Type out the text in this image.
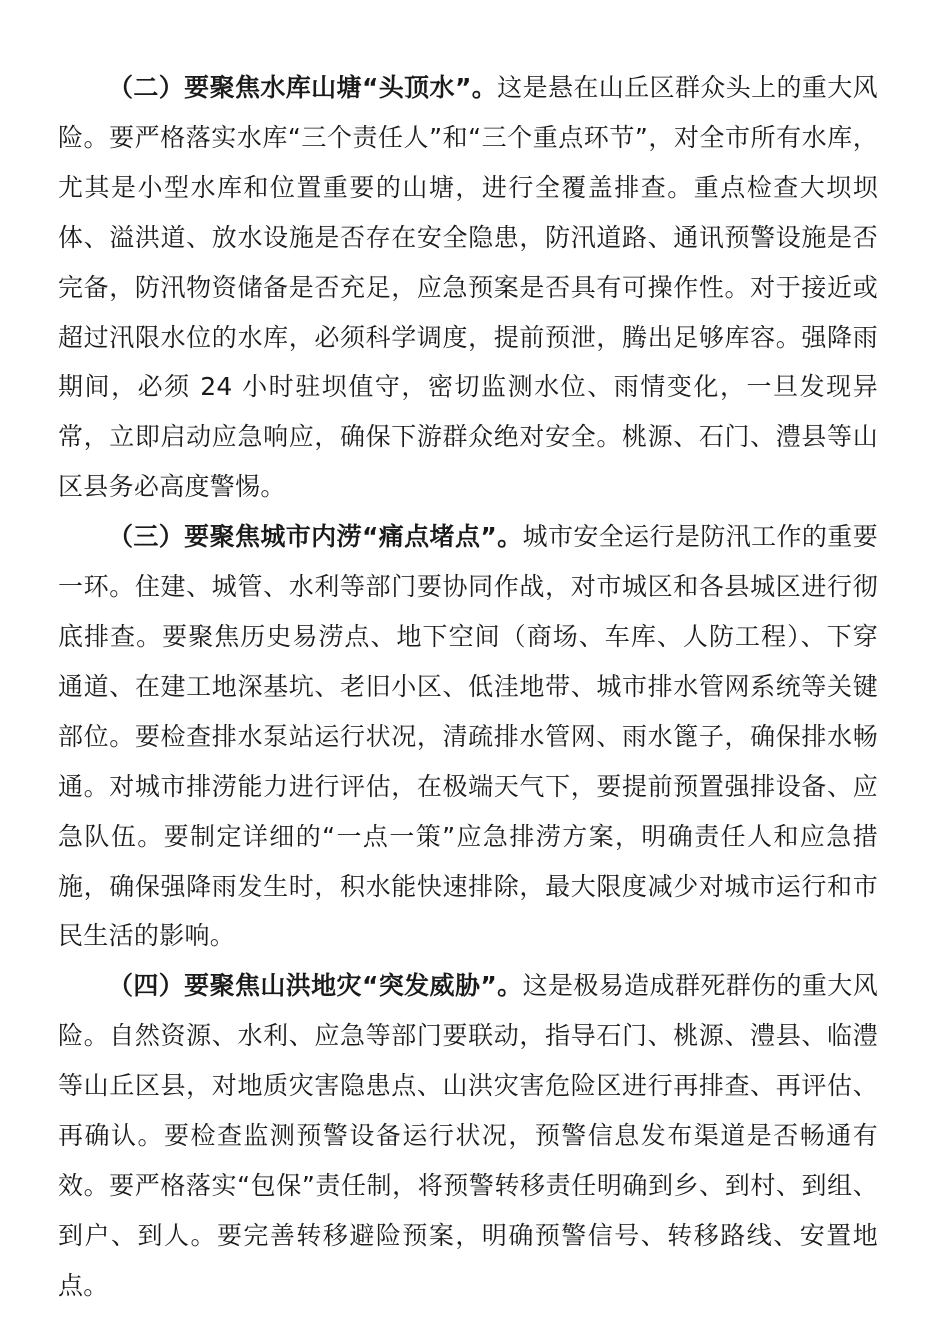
（二）要聚焦水库山塘“头顶水”。这是悬在山丘区群众头上的重大风险。要严格落实水库“三个责任人”和“三个重点环节”，对全市所有水库，尤其是小型水库和位置重要的山塘，进行全覆盖排查。重点检查大坝坝体、溢洪道、放水设施是否存在安全隐患，防汛道路、通讯预警设施是否完备，防汛物资储备是否充足，应急预案是否具有可操作性。对于接近或超过汛限水位的水库，必须科学调度，提前预泄，腾出足够库容。强降雨期间，必须 24 小时驻坝值守，密切监测水位、雨情变化，一旦发现异常，立即启动应急响应，确保下游群众绝对安全。桃源、石门、澧县等山区县务必高度警惕。

（三）要聚焦城市内涝“痛点堵点”。城市安全运行是防汛工作的重要一环。住建、城管、水利等部门要协同作战，对市城区和各县城区进行彻底排查。要聚焦历史易涝点、地下空间（商场、车库、人防工程）、下穿通道、在建工地深基坑、老旧小区、低洼地带、城市排水管网系统等关键部位。要检查排水泵站运行状况，清疏排水管网、雨水篦子，确保排水畅通。对城市排涝能力进行评估，在极端天气下，要提前预置强排设备、应急队伍。要制定详细的“一点一策”应急排涝方案，明确责任人和应急措施，确保强降雨发生时，积水能快速排除，最大限度减少对城市运行和市民生活的影响。

（四）要聚焦山洪地灾“突发威胁”。这是极易造成群死群伤的重大风险。自然资源、水利、应急等部门要联动，指导石门、桃源、澧县、临澧等山丘区县，对地质灾害隐患点、山洪灾害危险区进行再排查、再评估、再确认。要检查监测预警设备运行状况，预警信息发布渠道是否畅通有效。要严格落实“包保”责任制，将预警转移责任明确到乡、到村、到组、到户、到人。要完善转移避险预案，明确预警信号、转移路线、安置地点。
